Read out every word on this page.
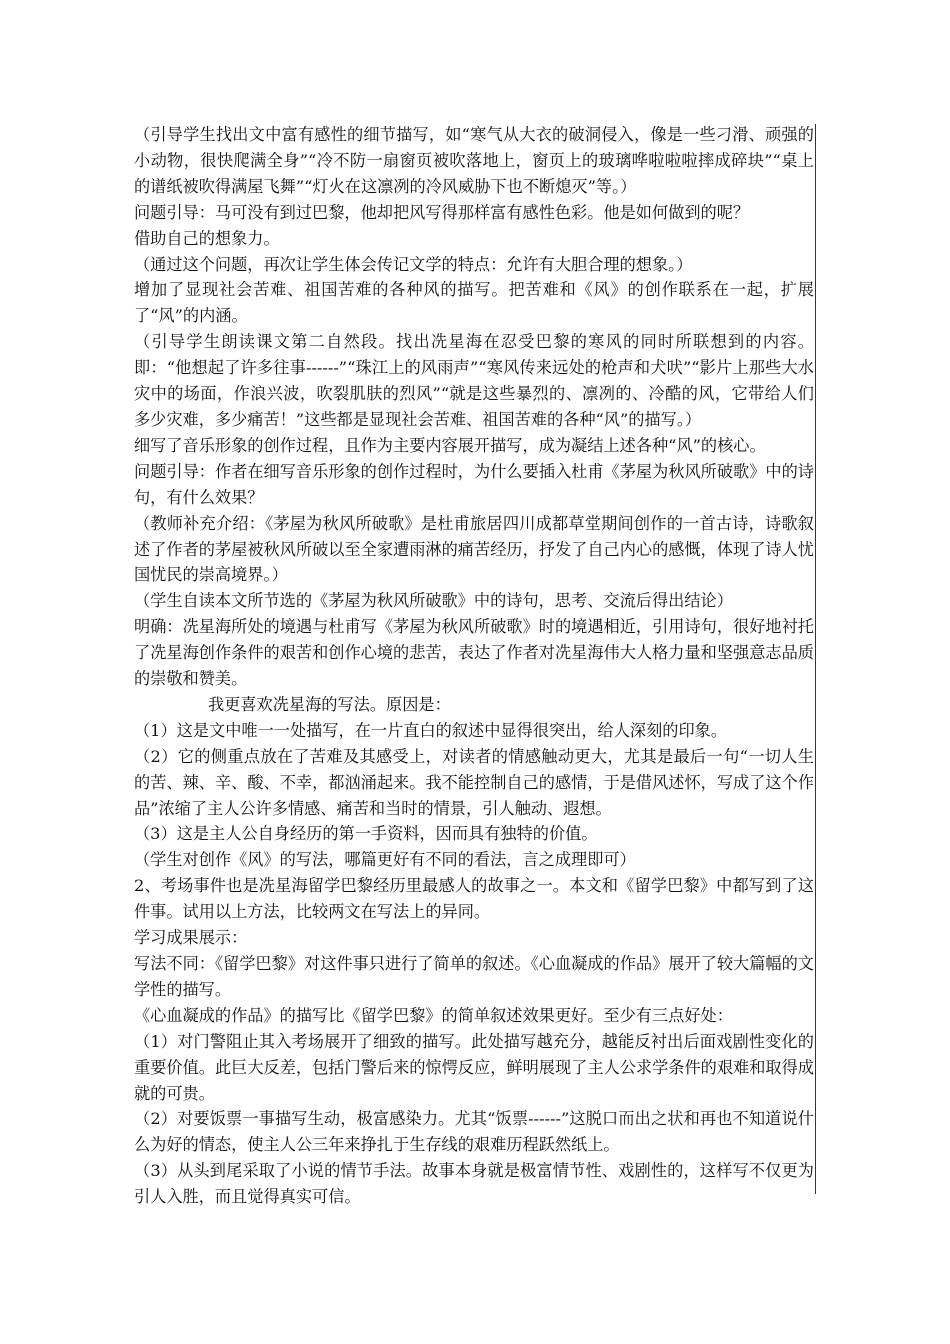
（引导学生找出文中富有感性的细节描写，如“寒气从大衣的破洞侵入，像是一些刁滑、顽强的小动物，很快爬满全身”“冷不防一扇窗页被吹落地上，窗页上的玻璃哗啦啦啦摔成碎块”“桌上的谱纸被吹得满屋飞舞”“灯火在这凛冽的冷风威胁下也不断熄灭”等。）

问题引导：马可没有到过巴黎，他却把风写得那样富有感性色彩。他是如何做到的呢？

借助自己的想象力。

（通过这个问题，再次让学生体会传记文学的特点：允许有大胆合理的想象。）

增加了显现社会苦难、祖国苦难的各种风的描写。把苦难和《风》的创作联系在一起，扩展了“风”的内涵。

（引导学生朗读课文第二自然段。找出冼星海在忍受巴黎的寒风的同时所联想到的内容。即：“他想起了许多往事------”“珠江上的风雨声”“寒风传来远处的枪声和犬吠”“影片上那些大水灾中的场面，作浪兴波，吹裂肌肤的烈风”“就是这些暴烈的、凛冽的、冷酷的风，它带给人们多少灾难，多少痛苦！”这些都是显现社会苦难、祖国苦难的各种“风”的描写。）

细写了音乐形象的创作过程，且作为主要内容展开描写，成为凝结上述各种“风”的核心。

问题引导：作者在细写音乐形象的创作过程时，为什么要插入杜甫《茅屋为秋风所破歌》中的诗句，有什么效果？

（教师补充介绍：《茅屋为秋风所破歌》是杜甫旅居四川成都草堂期间创作的一首古诗，诗歌叙述了作者的茅屋被秋风所破以至全家遭雨淋的痛苦经历，抒发了自己内心的感慨，体现了诗人忧国忧民的崇高境界。）

（学生自读本文所节选的《茅屋为秋风所破歌》中的诗句，思考、交流后得出结论）

明确：冼星海所处的境遇与杜甫写《茅屋为秋风所破歌》时的境遇相近，引用诗句，很好地衬托了冼星海创作条件的艰苦和创作心境的悲苦，表达了作者对冼星海伟大人格力量和坚强意志品质的崇敬和赞美。

我更喜欢冼星海的写法。原因是：

（1）这是文中唯一一处描写，在一片直白的叙述中显得很突出，给人深刻的印象。

（2）它的侧重点放在了苦难及其感受上，对读者的情感触动更大，尤其是最后一句“一切人生的苦、辣、辛、酸、不幸，都汹涌起来。我不能控制自己的感情，于是借风述怀，写成了这个作品”浓缩了主人公许多情感、痛苦和当时的情景，引人触动、遐想。

（3）这是主人公自身经历的第一手资料，因而具有独特的价值。

（学生对创作《风》的写法，哪篇更好有不同的看法，言之成理即可）

2、考场事件也是冼星海留学巴黎经历里最感人的故事之一。本文和《留学巴黎》中都写到了这件事。试用以上方法，比较两文在写法上的异同。

学习成果展示：

写法不同：《留学巴黎》对这件事只进行了简单的叙述。《心血凝成的作品》展开了较大篇幅的文学性的描写。

《心血凝成的作品》的描写比《留学巴黎》的简单叙述效果更好。至少有三点好处：

（1）对门警阻止其入考场展开了细致的描写。此处描写越充分，越能反衬出后面戏剧性变化的重要价值。此巨大反差，包括门警后来的惊愕反应，鲜明展现了主人公求学条件的艰难和取得成就的可贵。

（2）对要饭票一事描写生动，极富感染力。尤其“饭票------”这脱口而出之状和再也不知道说什么为好的情态，使主人公三年来挣扎于生存线的艰难历程跃然纸上。

（3）从头到尾采取了小说的情节手法。故事本身就是极富情节性、戏剧性的，这样写不仅更为引人入胜，而且觉得真实可信。
